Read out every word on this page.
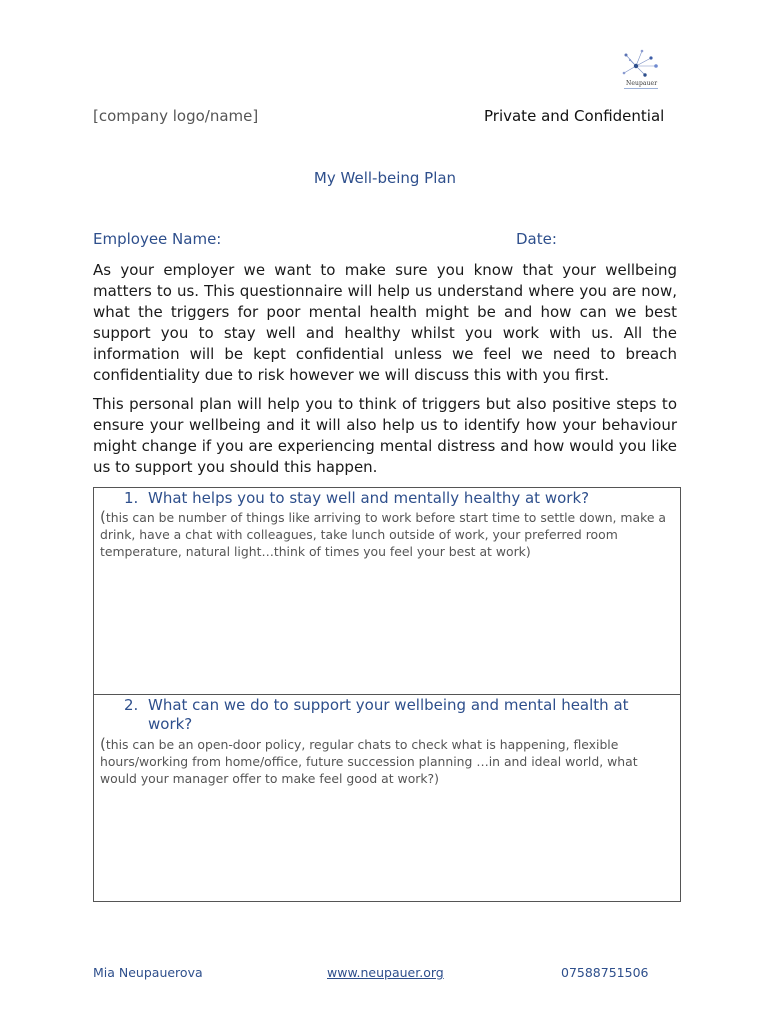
Neupauer
[company logo/name]	Private and Confidential
My Well-being Plan
Employee Name:	Date:
As your employer we want to make sure you know that your wellbeing matters to us. This questionnaire will help us understand where you are now, what the triggers for poor mental health might be and how can we best support you to stay well and healthy whilst you work with us. All the information will be kept confidential unless we feel we need to breach confidentiality due to risk however we will discuss this with you first.
This personal plan will help you to think of triggers but also positive steps to ensure your wellbeing and it will also help us to identify how your behaviour might change if you are experiencing mental distress and how would you like us to support you should this happen.
1. What helps you to stay well and mentally healthy at work?
(this can be number of things like arriving to work before start time to settle down, make a drink, have a chat with colleagues, take lunch outside of work, your preferred room temperature, natural light…think of times you feel your best at work)
2. What can we do to support your wellbeing and mental health at work?
(this can be an open-door policy, regular chats to check what is happening, flexible hours/working from home/office, future succession planning …in and ideal world, what would your manager offer to make feel good at work?)
Mia Neupauerova	www.neupauer.org	07588751506
